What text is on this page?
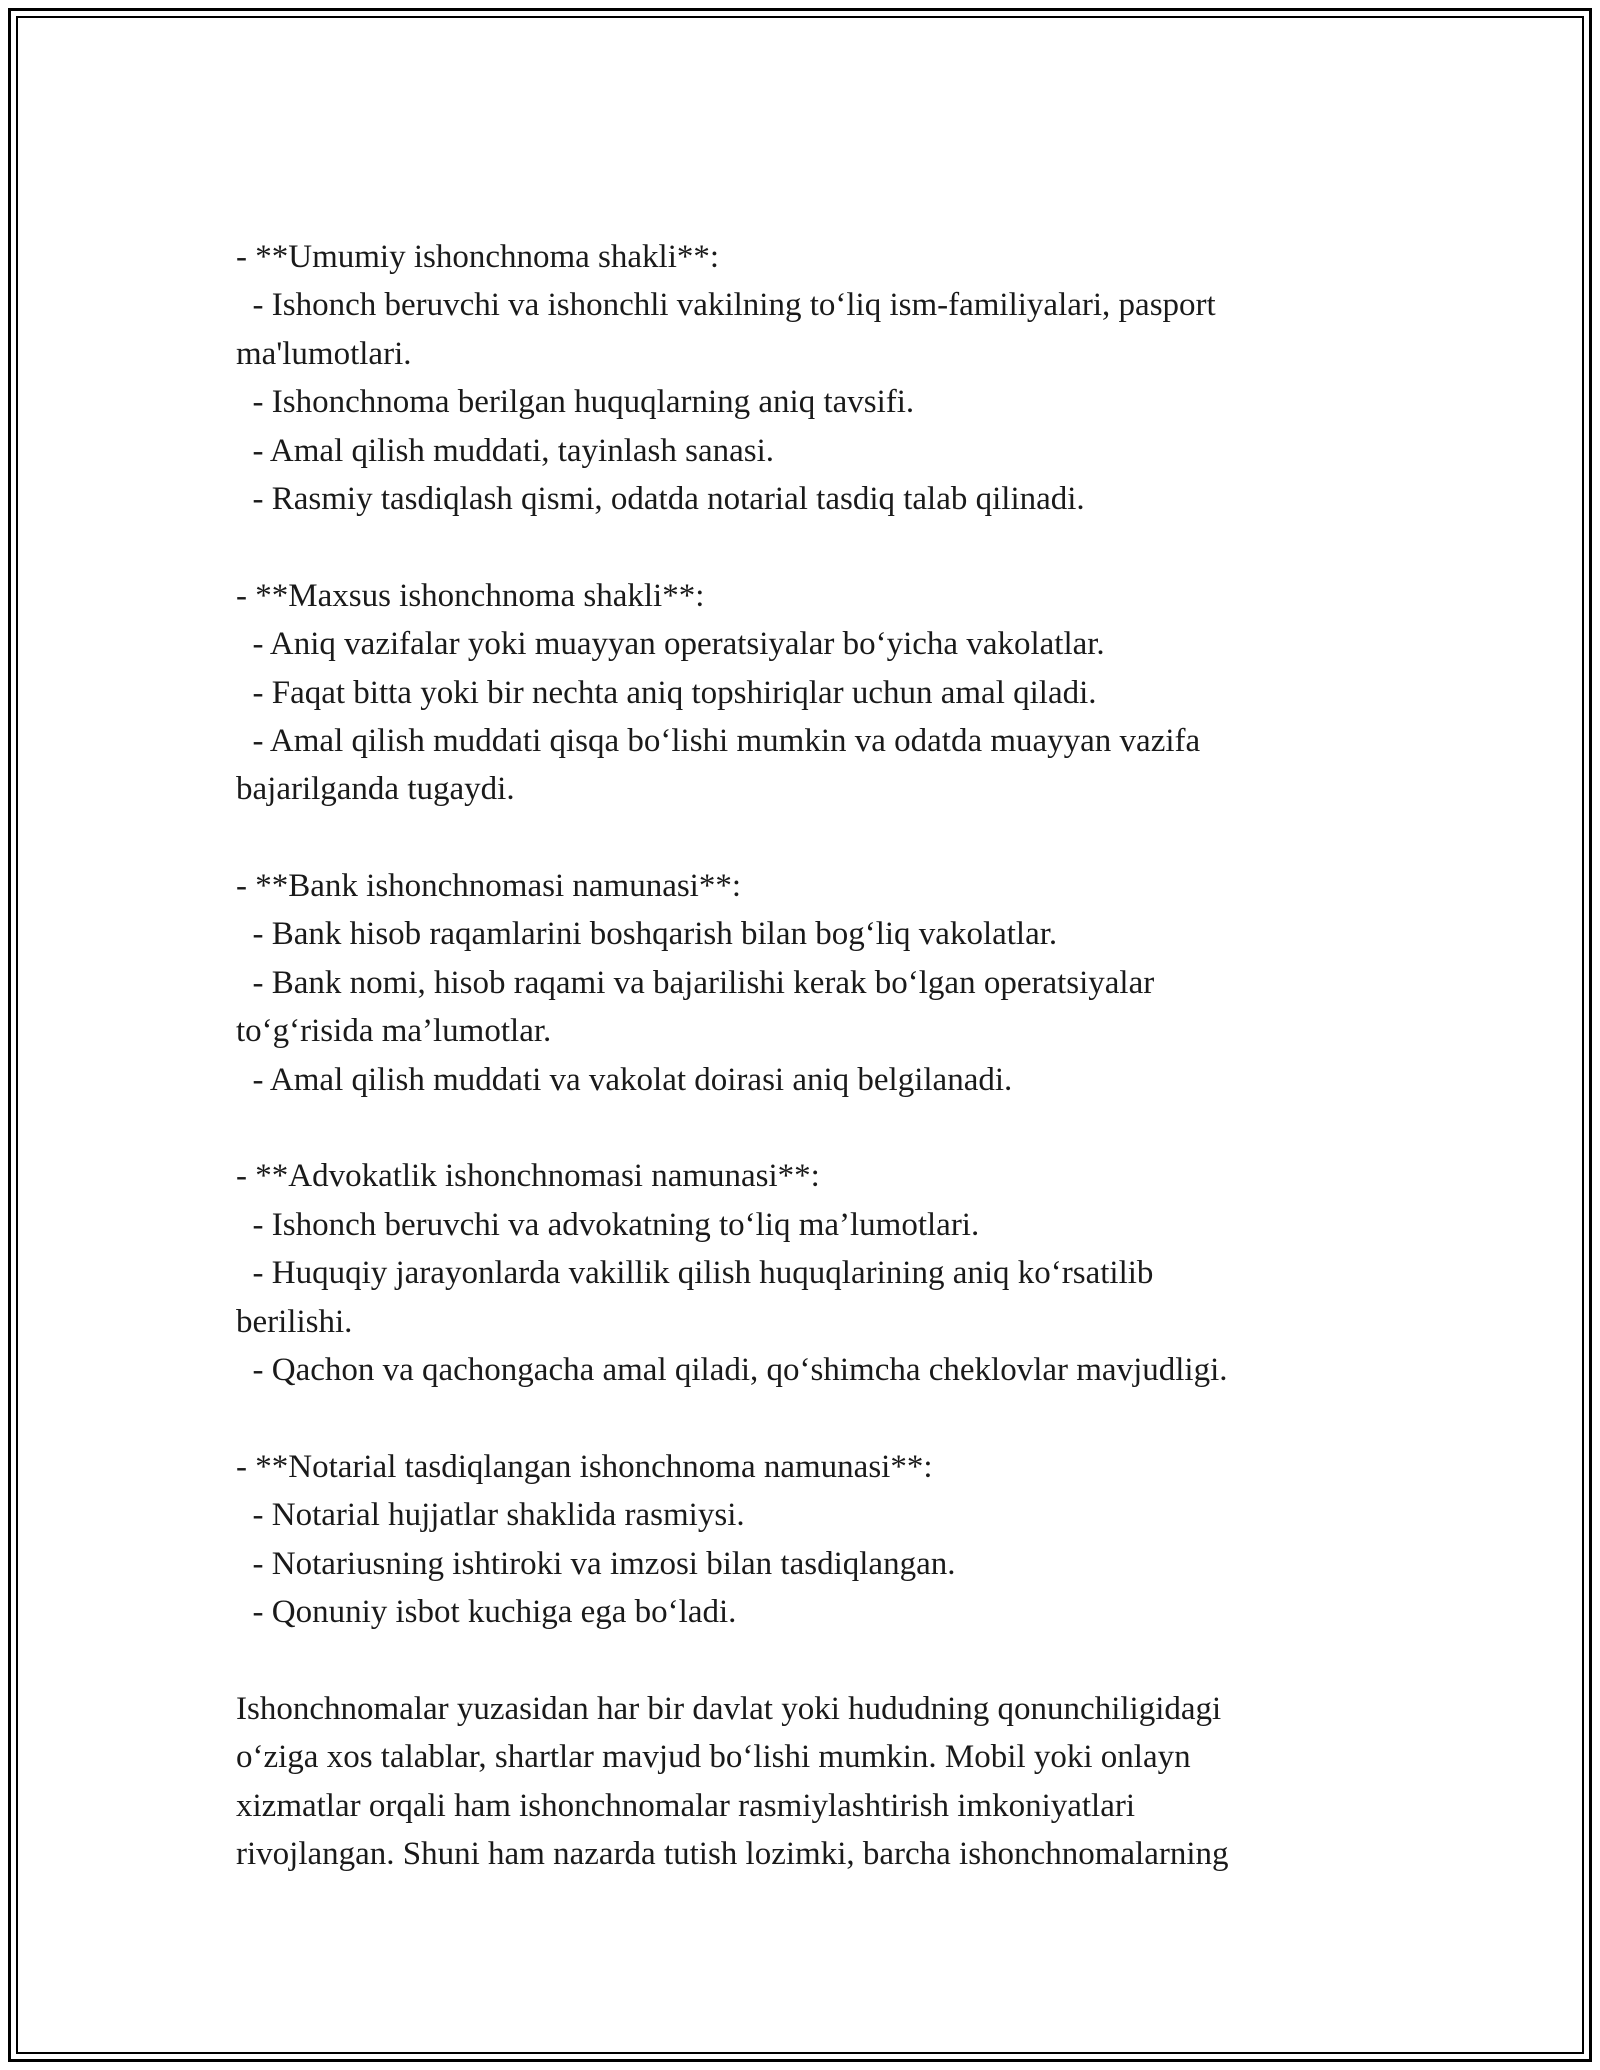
- **Umumiy ishonchnoma shakli**:

- Ishonch beruvchi va ishonchli vakilning to‘liq ism-familiyalari, pasport

ma'lumotlari.

- Ishonchnoma berilgan huquqlarning aniq tavsifi.

- Amal qilish muddati, tayinlash sanasi.

- Rasmiy tasdiqlash qismi, odatda notarial tasdiq talab qilinadi.

- **Maxsus ishonchnoma shakli**:

- Aniq vazifalar yoki muayyan operatsiyalar bo‘yicha vakolatlar.

- Faqat bitta yoki bir nechta aniq topshiriqlar uchun amal qiladi.

- Amal qilish muddati qisqa bo‘lishi mumkin va odatda muayyan vazifa

bajarilganda tugaydi.

- **Bank ishonchnomasi namunasi**:

- Bank hisob raqamlarini boshqarish bilan bog‘liq vakolatlar.

- Bank nomi, hisob raqami va bajarilishi kerak bo‘lgan operatsiyalar

to‘g‘risida ma’lumotlar.

- Amal qilish muddati va vakolat doirasi aniq belgilanadi.

- **Advokatlik ishonchnomasi namunasi**:

- Ishonch beruvchi va advokatning to‘liq ma’lumotlari.

- Huquqiy jarayonlarda vakillik qilish huquqlarining aniq ko‘rsatilib

berilishi.

- Qachon va qachongacha amal qiladi, qo‘shimcha cheklovlar mavjudligi.

- **Notarial tasdiqlangan ishonchnoma namunasi**:

- Notarial hujjatlar shaklida rasmiysi.

- Notariusning ishtiroki va imzosi bilan tasdiqlangan.

- Qonuniy isbot kuchiga ega bo‘ladi.

Ishonchnomalar yuzasidan har bir davlat yoki hududning qonunchiligidagi

o‘ziga xos talablar, shartlar mavjud bo‘lishi mumkin. Mobil yoki onlayn

xizmatlar orqali ham ishonchnomalar rasmiylashtirish imkoniyatlari

rivojlangan. Shuni ham nazarda tutish lozimki, barcha ishonchnomalarning
